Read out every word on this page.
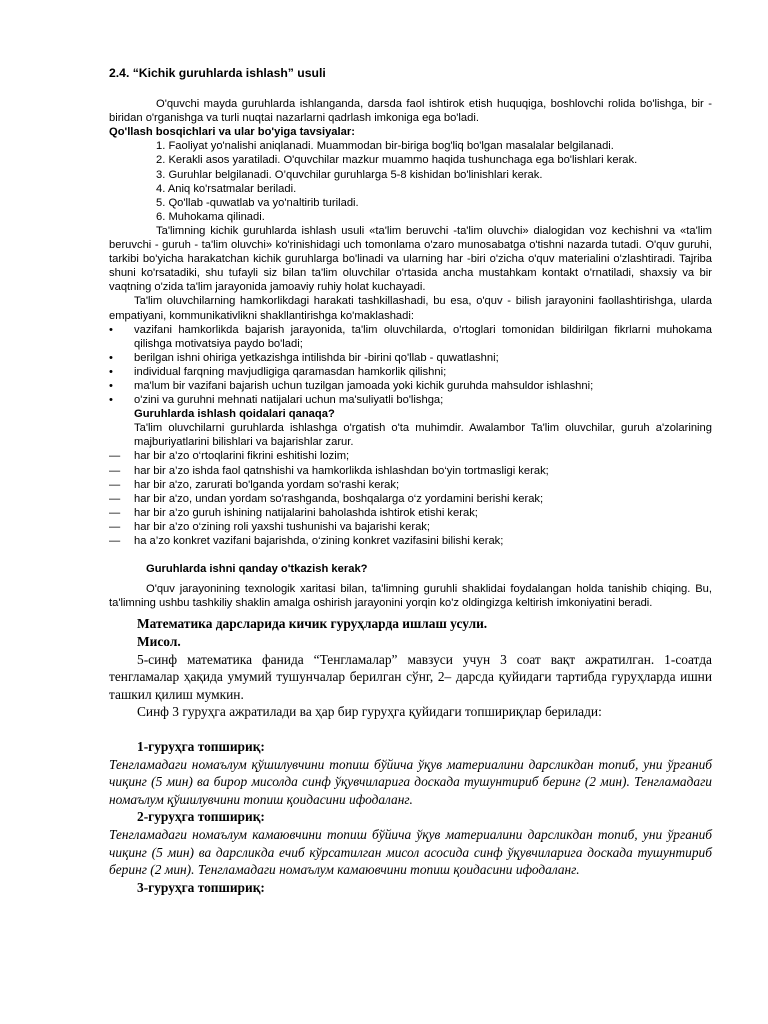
2.4. “Kichik guruhlarda ishlash” usuli

O'quvchi mayda guruhlarda ishlanganda, darsda faol ishtirok etish huquqiga, boshlovchi rolida bo'lishga, bir -biridan o'rganishga va turli nuqtai nazarlarni qadrlash imkoniga ega bo'ladi.

Qo'llash bosqichlari va ular bo'yiga tavsiyalar:

1. Faoliyat yo'nalishi aniqlanadi. Muammodan bir-biriga bog'liq bo'lgan masalalar belgilanadi.

2. Kerakli asos yaratiladi. O'quvchilar mazkur muammo haqida tushunchaga ega bo'lishlari kerak.

3. Guruhlar belgilanadi. O’quvchilar guruhlarga 5-8 kishidan bo'linishlari kerak.

4. Aniq ko'rsatmalar beriladi.

5. Qo'llab -quwatlab va yo'naltirib turiladi.

6. Muhokama qilinadi.

Ta'limning kichik guruhlarda ishlash usuli «ta'lim beruvchi -ta'lim oluvchi» dialogidan voz kechishni va «ta'lim beruvchi - guruh - ta'lim oluvchi» ko'rinishidagi uch tomonlama o'zaro munosabatga o'tishni nazarda tutadi. O'quv guruhi, tarkibi bo'yicha harakatchan kichik guruhlarga bo'linadi va ularning har -biri o'zicha o'quv materialini o'zlashtiradi. Tajriba shuni ko'rsatadiki, shu tufayli siz bilan ta'lim oluvchilar o'rtasida ancha mustahkam kontakt o'rnatiladi, shaxsiy va bir vaqtning o'zida ta'lim jarayonida jamoaviy ruhiy holat kuchayadi.

Ta'lim oluvchilarning hamkorlikdagi harakati tashkillashadi, bu esa, o'quv - bilish jarayonini faollashtirishga, ularda empatiyani, kommunikativlikni shakllantirishga ko'maklashadi:

•	vazifani hamkorlikda bajarish jarayonida, ta'lim oluvchilarda, o'rtoglari tomonidan bildirilgan fikrlarni muhokama qilishga motivatsiya paydo bo'ladi;
•	berilgan ishni ohiriga yetkazishga intilishda bir -birini qo'llab - quwatlashni;
•	individual farqning mavjudligiga qaramasdan hamkorlik qilishni;
•	ma'lum bir vazifani bajarish uchun tuzilgan jamoada yoki kichik guruhda mahsuldor ishlashni;
•	o'zini va guruhni mehnati natijalari uchun ma'suliyatli bo'lishga;

Guruhlarda ishlash qoidalari qanaqa?

Ta'lim oluvchilarni guruhlarda ishlashga o'rgatish o'ta muhimdir. Awalambor Ta'lim oluvchilar, guruh a'zolarining majburiyatlarini bilishlari va bajarishlar zarur.

—	har bir a’zo o‘rtoqlarini fikrini eshitishi lozim;
—	har bir a’zo ishda faol qatnshishi va hamkorlikda ishlashdan bo‘yin tortmasligi kerak;
—	har bir a'zo, zarurati bo'lganda yordam so'rashi kerak;
—	har bir a'zo, undan yordam so'rashganda, boshqalarga o‘z yordamini berishi kerak;
—	har bir a’zo guruh ishining natijalarini baholashda ishtirok etishi kerak;
—	har bir a’zo o‘zining roli yaxshi tushunishi va bajarishi kerak;
—	ha a’zo konkret vazifani bajarishda, o‘zining konkret vazifasini bilishi kerak;

Guruhlarda ishni qanday o'tkazish kerak?

O'quv jarayonining texnologik xaritasi bilan, ta'limning guruhli shaklidai foydalangan holda tanishib chiqing. Bu, ta'limning ushbu tashkiliy shaklin amalga oshirish jarayonini yorqin ko'z oldingizga keltirish imkoniyatini beradi.

Математика дарсларида кичик гуруҳларда ишлаш усули.

Мисол.

5-синф математика фанида “Тенгламалар” мавзуси учун 3 соат вақт ажратилган. 1-соатда тенгламалар ҳақида умумий тушунчалар берилган сўнг, 2– дарсда қуйидаги тартибда гуруҳларда ишни ташкил қилиш мумкин.

Синф 3 гуруҳга ажратилади ва ҳар бир гуруҳга қуйидаги топшириқлар берилади:

1-гуруҳга топшириқ:

Тенгламадаги номаълум қўшилувчини топиш бўйича ўқув материалини дарсликдан топиб, уни ўрганиб чиқинг (5 мин) ва бирор мисолда синф ўқувчиларига доскада тушунтириб беринг (2 мин). Тенгламадаги номаълум қўшилувчини топиш қоидасини ифодаланг.

2-гуруҳга топшириқ:

Тенгламадаги номаълум камаювчини топиш бўйича ўқув материалини дарсликдан топиб, уни ўрганиб чиқинг (5 мин) ва дарсликда ечиб кўрсатилган мисол асосида синф ўқувчиларига доскада тушунтириб беринг (2 мин). Тенгламадаги номаълум камаювчини топиш қоидасини ифодаланг.

3-гуруҳга топшириқ:
